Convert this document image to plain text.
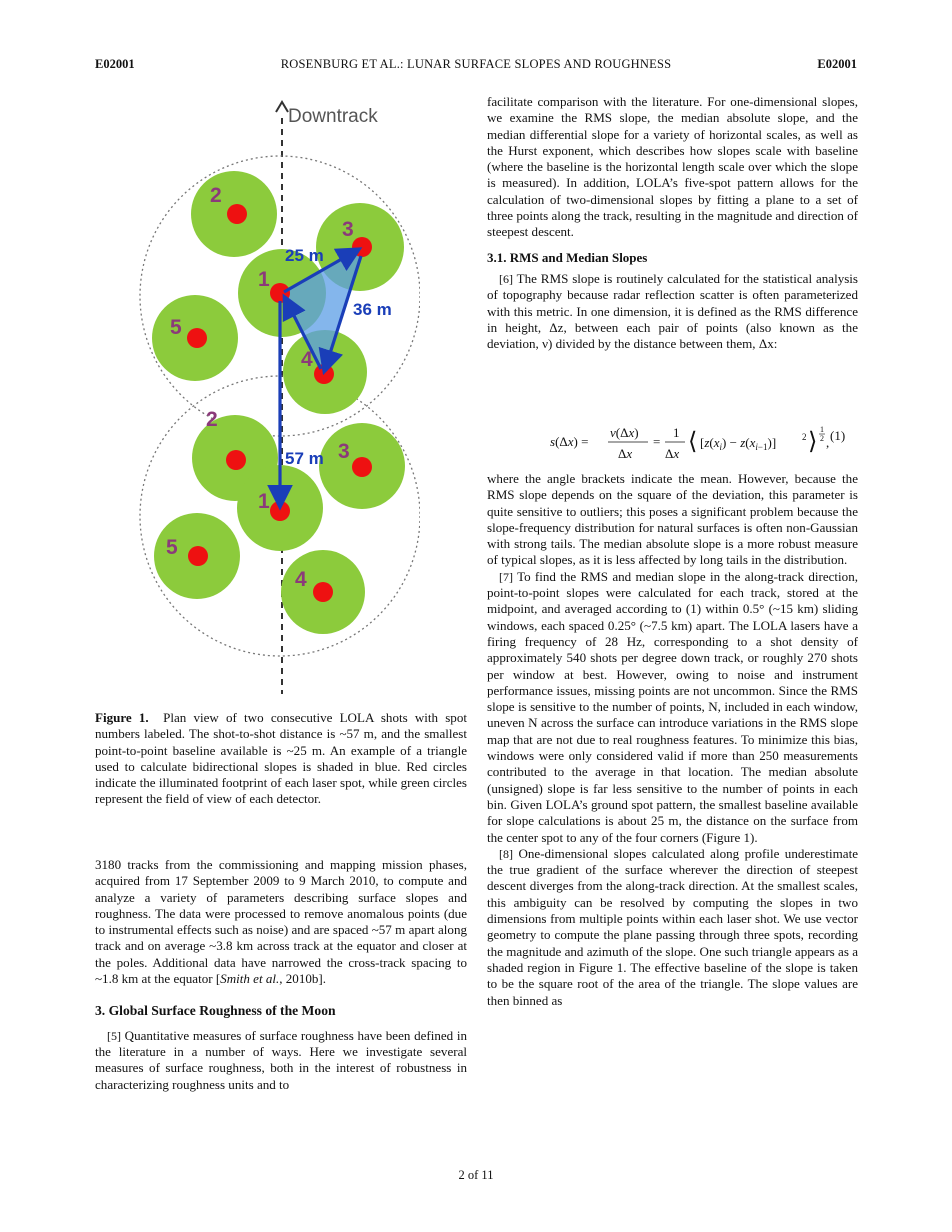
E02001	ROSENBURG ET AL.: LUNAR SURFACE SLOPES AND ROUGHNESS	E02001
Downtrack
25 m
36 m
57 m
1
2
3
4
5
1
2
3
4
5

Figure 1. Plan view of two consecutive LOLA shots with spot numbers labeled. The shot-to-shot distance is ~57 m, and the smallest point-to-point baseline available is ~25 m. An example of a triangle used to calculate bidirectional slopes is shaded in blue. Red circles indicate the illuminated footprint of each laser spot, while green circles represent the field of view of each detector.

3180 tracks from the commissioning and mapping mission phases, acquired from 17 September 2009 to 9 March 2010, to compute and analyze a variety of parameters describing surface slopes and roughness. The data were processed to remove anomalous points (due to instrumental effects such as noise) and are spaced ~57 m apart along track and on average ~3.8 km across track at the equator and closer at the poles. Additional data have narrowed the cross-track spacing to ~1.8 km at the equator [Smith et al., 2010b].

3. Global Surface Roughness of the Moon

[5] Quantitative measures of surface roughness have been defined in the literature in a number of ways. Here we investigate several measures of surface roughness, both in the interest of robustness in characterizing roughness units and to

facilitate comparison with the literature. For one-dimensional slopes, we examine the RMS slope, the median absolute slope, and the median differential slope for a variety of horizontal scales, as well as the Hurst exponent, which describes how slopes scale with baseline (where the baseline is the horizontal length scale over which the slope is measured). In addition, LOLA’s five-spot pattern allows for the calculation of two-dimensional slopes by fitting a plane to a set of three points along the track, resulting in the magnitude and direction of steepest descent.

3.1. RMS and Median Slopes

[6] The RMS slope is routinely calculated for the statistical analysis of topography because radar reflection scatter is often parameterized with this metric. In one dimension, it is defined as the RMS difference in height, Δz, between each pair of points (also known as the deviation, ν) divided by the distance between them, Δx:

s(Δx) =
ν(Δx)
Δx
=
1
Δx ⟨ $[z(x_i) - z(x_{i-1})]$	2 ⟩ 1
2 , (1)

where the angle brackets indicate the mean. However, because the RMS slope depends on the square of the deviation, this parameter is quite sensitive to outliers; this poses a significant problem because the slope-frequency distribution for natural surfaces is often non-Gaussian with strong tails. The median absolute slope is a more robust measure of typical slopes, as it is less affected by long tails in the distribution.

[7] To find the RMS and median slope in the along-track direction, point-to-point slopes were calculated for each track, stored at the midpoint, and averaged according to (1) within 0.5° (~15 km) sliding windows, each spaced 0.25° (~7.5 km) apart. The LOLA lasers have a firing frequency of 28 Hz, corresponding to a shot density of approximately 540 shots per degree down track, or roughly 270 shots per window at best. However, owing to noise and instrument performance issues, missing points are not uncommon. Since the RMS slope is sensitive to the number of points, N, included in each window, uneven N across the surface can introduce variations in the RMS slope map that are not due to real roughness features. To minimize this bias, windows were only considered valid if more than 250 measurements contributed to the average in that location. The median absolute (unsigned) slope is far less sensitive to the number of points in each bin. Given LOLA’s ground spot pattern, the smallest baseline available for slope calculations is about 25 m, the distance on the surface from the center spot to any of the four corners (Figure 1).

[8] One-dimensional slopes calculated along profile underestimate the true gradient of the surface wherever the direction of steepest descent diverges from the along-track direction. At the smallest scales, this ambiguity can be resolved by computing the slopes in two dimensions from multiple points within each laser shot. We use vector geometry to compute the plane passing through three spots, recording the magnitude and azimuth of the slope. One such triangle appears as a shaded region in Figure 1. The effective baseline of the slope is taken to be the square root of the area of the triangle. The slope values are then binned as

2 of 11
